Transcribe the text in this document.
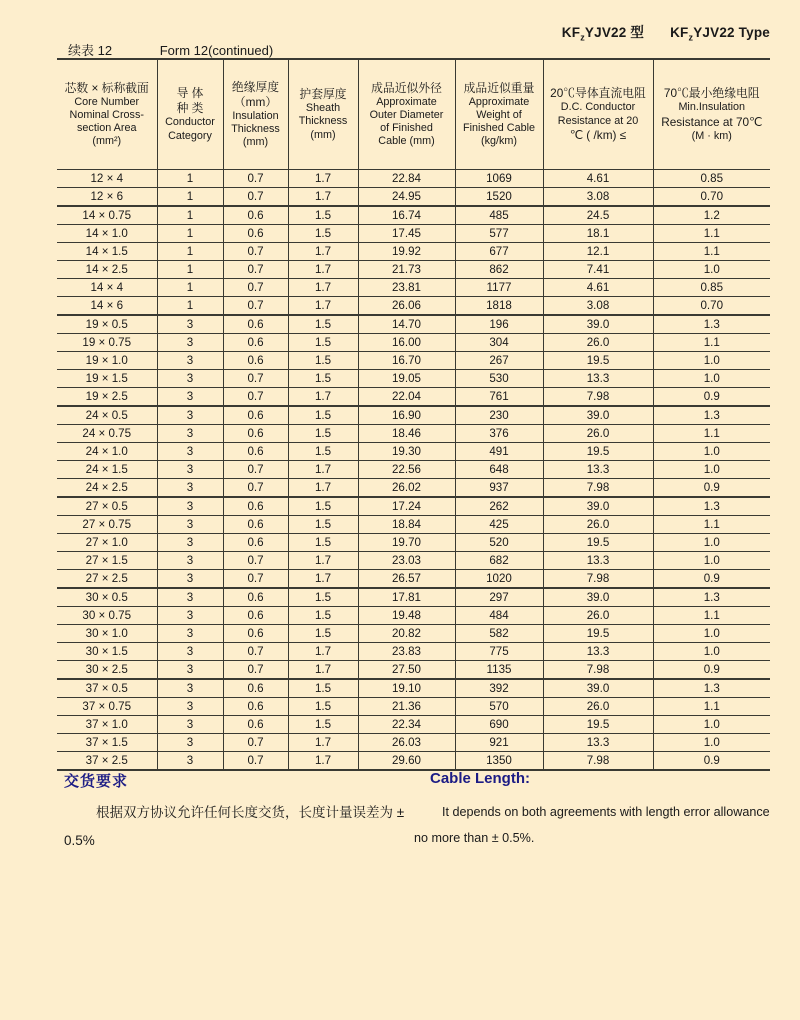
$KF_zYJV22$ 型 $KF_zYJV22$ Type
续表 12	Form 12(continued)
芯数 × 标称截面
Core Number
Nominal Cross-
section Area
(mm²)

导 体
种 类
Conductor
Category

绝缘厚度
（mm）
Insulation
Thickness
(mm)

护套厚度
Sheath
Thickness
(mm)

成品近似外径
Approximate
Outer Diameter
of Finished
Cable (mm)

成品近似重量
Approximate
Weight of
Finished Cable
(kg/km)

20℃导体直流电阻
D.C. Conductor
Resistance at 20
℃ ( /km) ≤

70℃最小绝缘电阻
Min.Insulation
Resistance at 70℃
(M · km)

12 × 4	1	0.7	1.7	22.84	1069	4.61	0.85
12 × 6	1	0.7	1.7	24.95	1520	3.08	0.70
14 × 0.75	1	0.6	1.5	16.74	485	24.5	1.2
14 × 1.0	1	0.6	1.5	17.45	577	18.1	1.1
14 × 1.5	1	0.7	1.7	19.92	677	12.1	1.1
14 × 2.5	1	0.7	1.7	21.73	862	7.41	1.0
14 × 4	1	0.7	1.7	23.81	1177	4.61	0.85
14 × 6	1	0.7	1.7	26.06	1818	3.08	0.70
19 × 0.5	3	0.6	1.5	14.70	196	39.0	1.3
19 × 0.75	3	0.6	1.5	16.00	304	26.0	1.1
19 × 1.0	3	0.6	1.5	16.70	267	19.5	1.0
19 × 1.5	3	0.7	1.5	19.05	530	13.3	1.0
19 × 2.5	3	0.7	1.7	22.04	761	7.98	0.9
24 × 0.5	3	0.6	1.5	16.90	230	39.0	1.3
24 × 0.75	3	0.6	1.5	18.46	376	26.0	1.1
24 × 1.0	3	0.6	1.5	19.30	491	19.5	1.0
24 × 1.5	3	0.7	1.7	22.56	648	13.3	1.0
24 × 2.5	3	0.7	1.7	26.02	937	7.98	0.9
27 × 0.5	3	0.6	1.5	17.24	262	39.0	1.3
27 × 0.75	3	0.6	1.5	18.84	425	26.0	1.1
27 × 1.0	3	0.6	1.5	19.70	520	19.5	1.0
27 × 1.5	3	0.7	1.7	23.03	682	13.3	1.0
27 × 2.5	3	0.7	1.7	26.57	1020	7.98	0.9
30 × 0.5	3	0.6	1.5	17.81	297	39.0	1.3
30 × 0.75	3	0.6	1.5	19.48	484	26.0	1.1
30 × 1.0	3	0.6	1.5	20.82	582	19.5	1.0
30 × 1.5	3	0.7	1.7	23.83	775	13.3	1.0
30 × 2.5	3	0.7	1.7	27.50	1135	7.98	0.9
37 × 0.5	3	0.6	1.5	19.10	392	39.0	1.3
37 × 0.75	3	0.6	1.5	21.36	570	26.0	1.1
37 × 1.0	3	0.6	1.5	22.34	690	19.5	1.0
37 × 1.5	3	0.7	1.7	26.03	921	13.3	1.0
37 × 2.5	3	0.7	1.7	29.60	1350	7.98	0.9
交货要求
根据双方协议允许任何长度交货，长度计量误差为 ± 0.5%
Cable Length:
It depends on both agreements with length error allowance no more than ± 0.5%.
